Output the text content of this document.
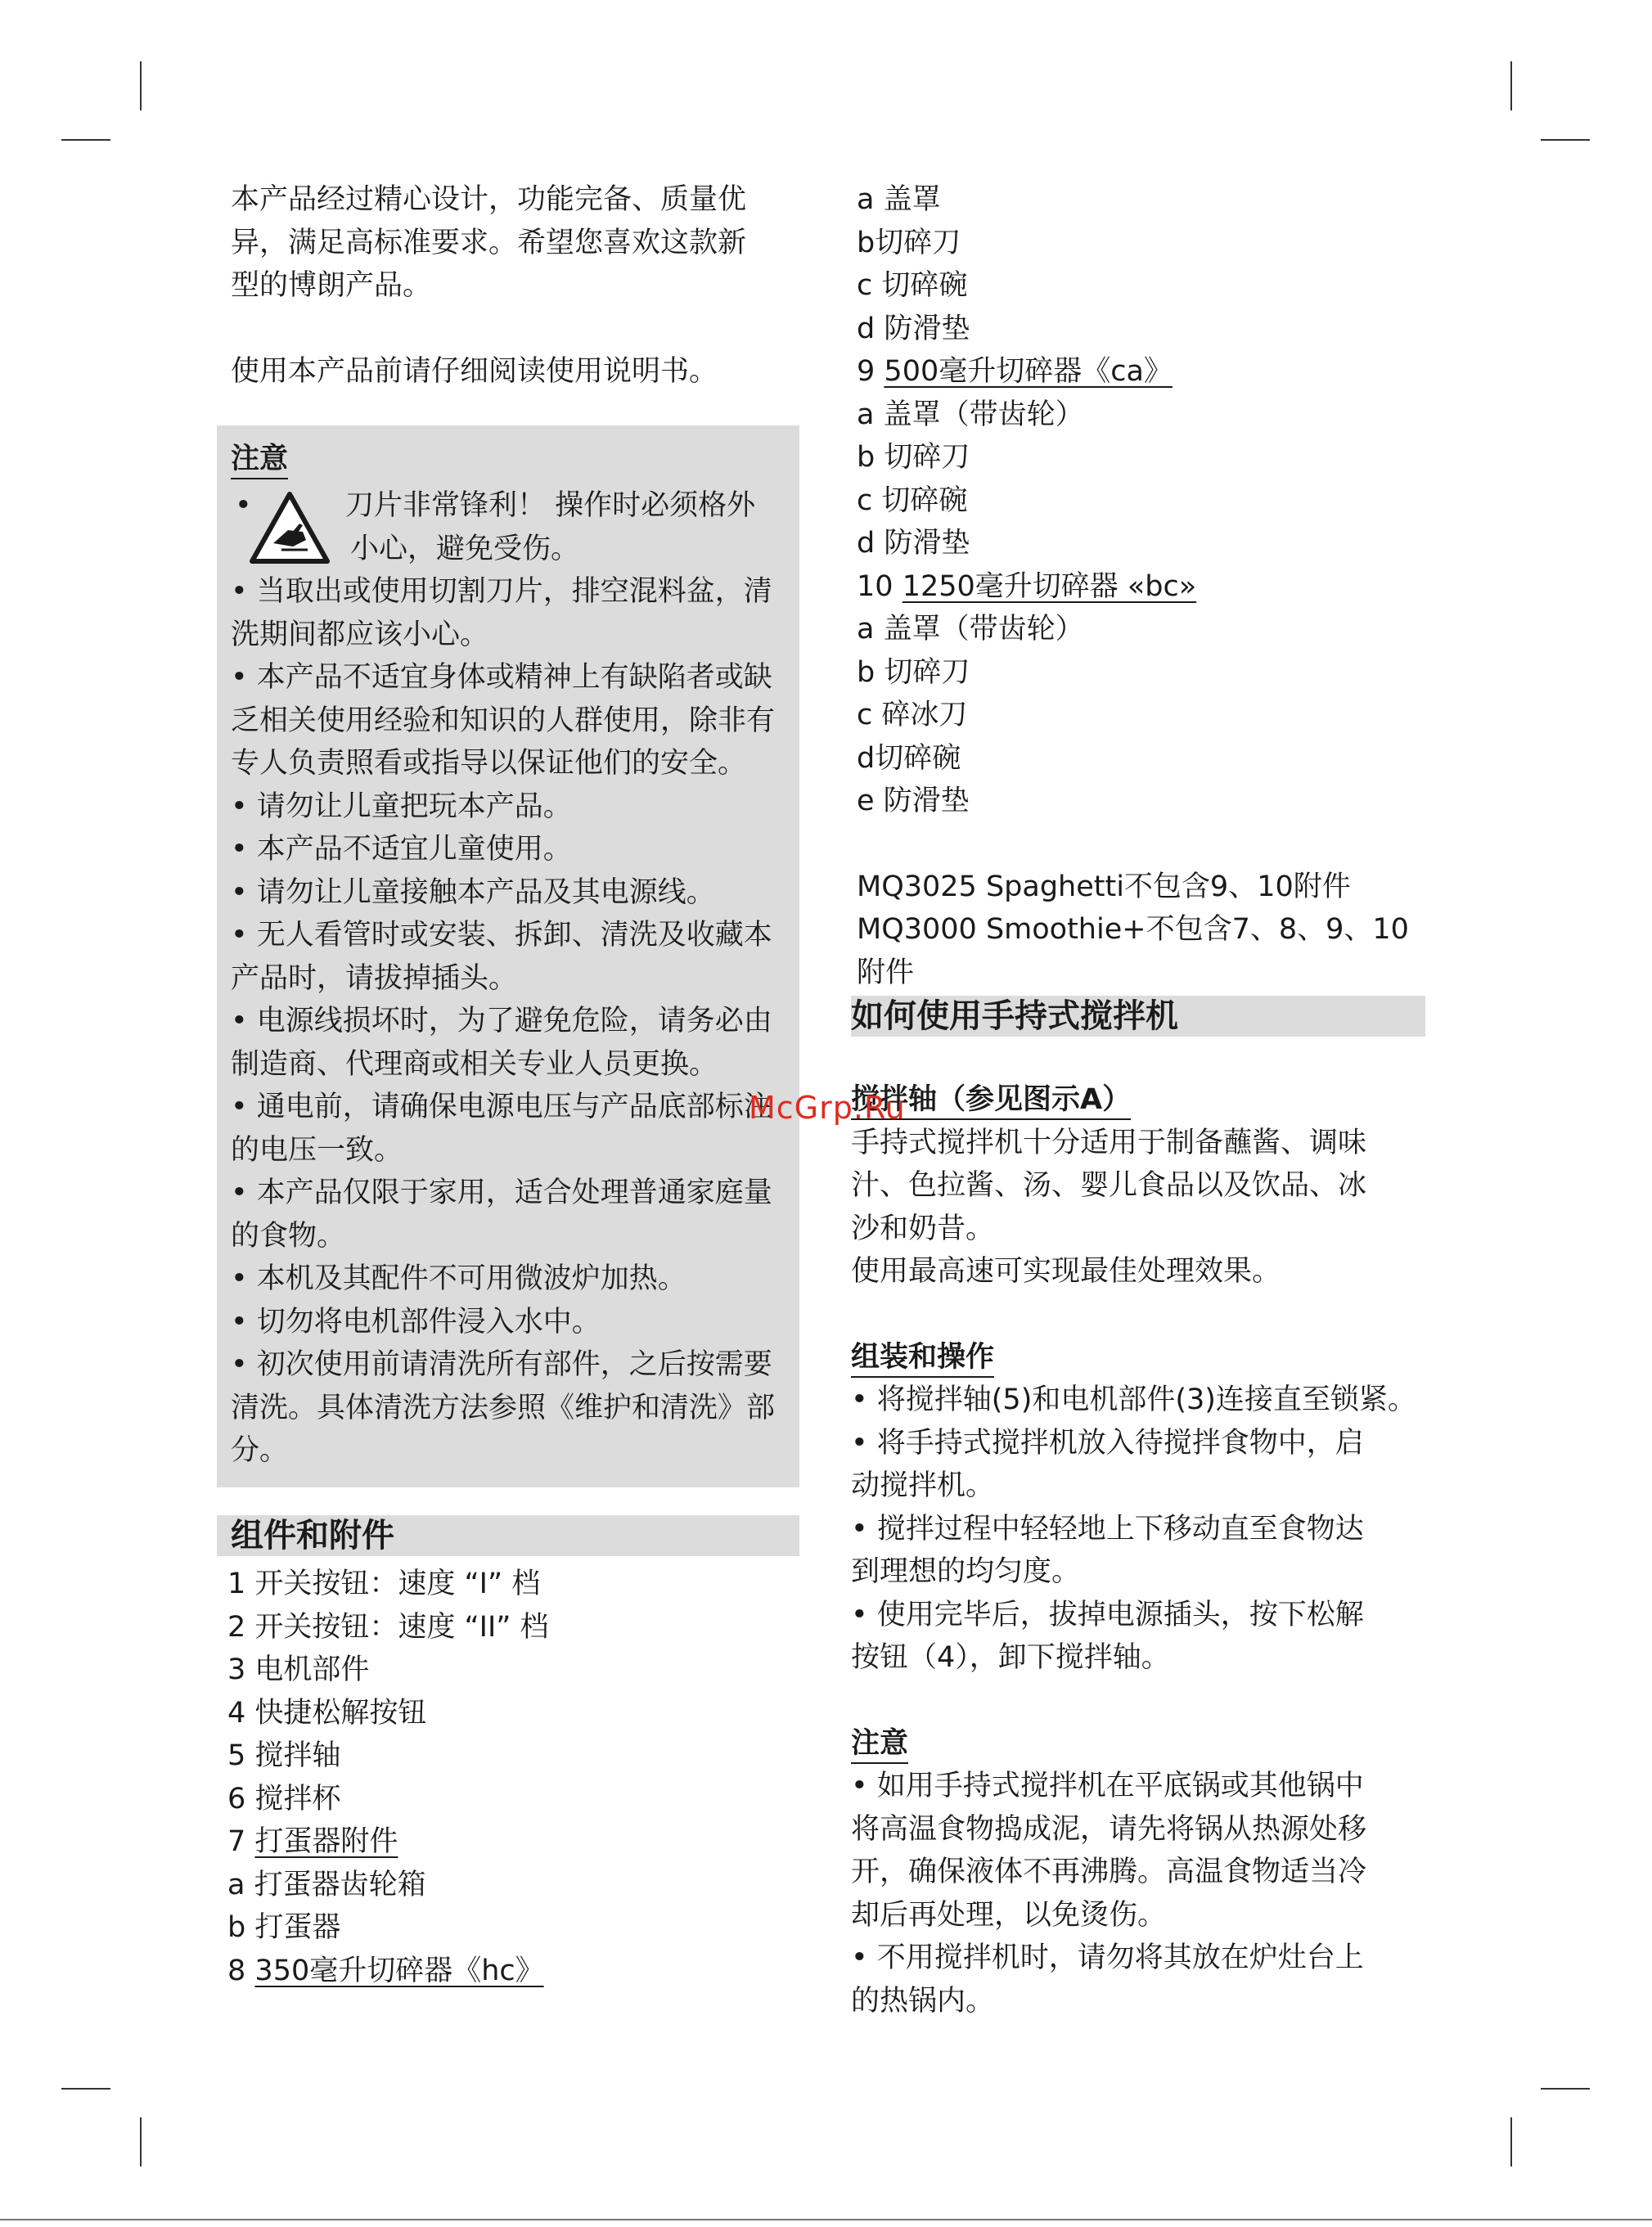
本产品经过精心设计，功能完备、质量优
异，满足高标准要求。希望您喜欢这款新
型的博朗产品。
使用本产品前请仔细阅读使用说明书。
注意
•	刀片非常锋利！ 操作时必须格外
小心，避免受伤。
• 当取出或使用切割刀片，排空混料盆，清洗期间都应该小心。
• 本产品不适宜身体或精神上有缺陷者或缺乏相关使用经验和知识的人群使用，除非有专人负责照看或指导以保证他们的安全。
• 请勿让儿童把玩本产品。
• 本产品不适宜儿童使用。
• 请勿让儿童接触本产品及其电源线。
• 无人看管时或安装、拆卸、清洗及收藏本产品时，请拔掉插头。
• 电源线损坏时，为了避免危险，请务必由制造商、代理商或相关专业人员更换。
• 通电前，请确保电源电压与产品底部标注的电压一致。
• 本产品仅限于家用，适合处理普通家庭量的食物。
• 本机及其配件不可用微波炉加热。
• 切勿将电机部件浸入水中。
• 初次使用前请清洗所有部件，之后按需要清洗。具体清洗方法参照《维护和清洗》部分。
组件和附件
1 开关按钮：速度 “I” 档
2 开关按钮：速度 “II” 档
3 电机部件
4 快捷松解按钮
5 搅拌轴
6 搅拌杯
7 打蛋器附件
a 打蛋器齿轮箱
b 打蛋器
8 350毫升切碎器《hc》
a 盖罩
b切碎刀
c 切碎碗
d 防滑垫
9 500毫升切碎器《ca》
a 盖罩（带齿轮）
b 切碎刀
c 切碎碗
d 防滑垫
10 1250毫升切碎器 «bc»
a 盖罩（带齿轮）
b 切碎刀
c 碎冰刀
d切碎碗
e 防滑垫
MQ3025 Spaghetti不包含9、10附件
MQ3000 Smoothie+不包含7、8、9、10
附件
如何使用手持式搅拌机
搅拌轴（参见图示A）
手持式搅拌机十分适用于制备蘸酱、调味
汁、色拉酱、汤、婴儿食品以及饮品、冰
沙和奶昔。
使用最高速可实现最佳处理效果。
组装和操作
• 将搅拌轴(5)和电机部件(3)连接直至锁紧。
• 将手持式搅拌机放入待搅拌食物中，启
动搅拌机。
• 搅拌过程中轻轻地上下移动直至食物达
到理想的均匀度。
• 使用完毕后，拔掉电源插头，按下松解
按钮（4），卸下搅拌轴。
注意
• 如用手持式搅拌机在平底锅或其他锅中
将高温食物捣成泥，请先将锅从热源处移
开，确保液体不再沸腾。高温食物适当冷
却后再处理，以免烫伤。
• 不用搅拌机时，请勿将其放在炉灶台上
的热锅内。
McGrp.Ru
